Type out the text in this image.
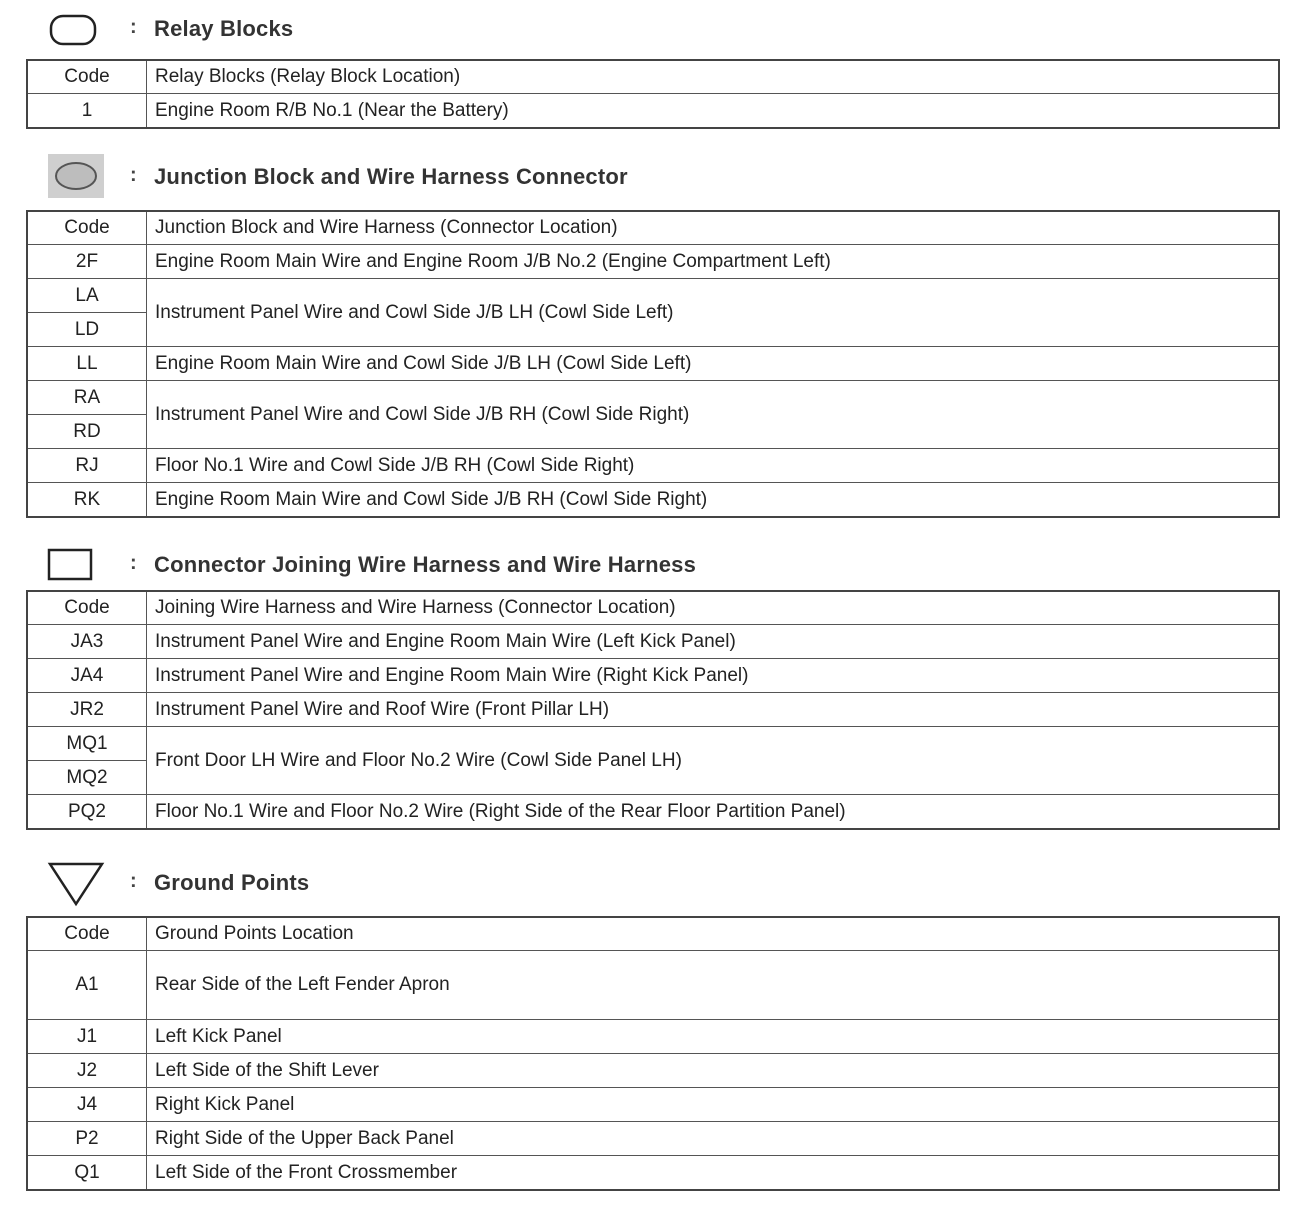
: Relay Blocks
Code	Relay Blocks (Relay Block Location)
1	Engine Room R/B No.1 (Near the Battery)
: Junction Block and Wire Harness Connector
Code	Junction Block and Wire Harness (Connector Location)
2F	Engine Room Main Wire and Engine Room J/B No.2 (Engine Compartment Left)
LA	Instrument Panel Wire and Cowl Side J/B LH (Cowl Side Left)
LD	
LL	Engine Room Main Wire and Cowl Side J/B LH (Cowl Side Left)
RA	Instrument Panel Wire and Cowl Side J/B RH (Cowl Side Right)
RD	
RJ	Floor No.1 Wire and Cowl Side J/B RH (Cowl Side Right)
RK	Engine Room Main Wire and Cowl Side J/B RH (Cowl Side Right)
: Connector Joining Wire Harness and Wire Harness
Code	Joining Wire Harness and Wire Harness (Connector Location)
JA3	Instrument Panel Wire and Engine Room Main Wire (Left Kick Panel)
JA4	Instrument Panel Wire and Engine Room Main Wire (Right Kick Panel)
JR2	Instrument Panel Wire and Roof Wire (Front Pillar LH)
MQ1	Front Door LH Wire and Floor No.2 Wire (Cowl Side Panel LH)
MQ2	
PQ2	Floor No.1 Wire and Floor No.2 Wire (Right Side of the Rear Floor Partition Panel)
: Ground Points
Code	Ground Points Location
A1	Rear Side of the Left Fender Apron
J1	Left Kick Panel
J2	Left Side of the Shift Lever
J4	Right Kick Panel
P2	Right Side of the Upper Back Panel
Q1	Left Side of the Front Crossmember
